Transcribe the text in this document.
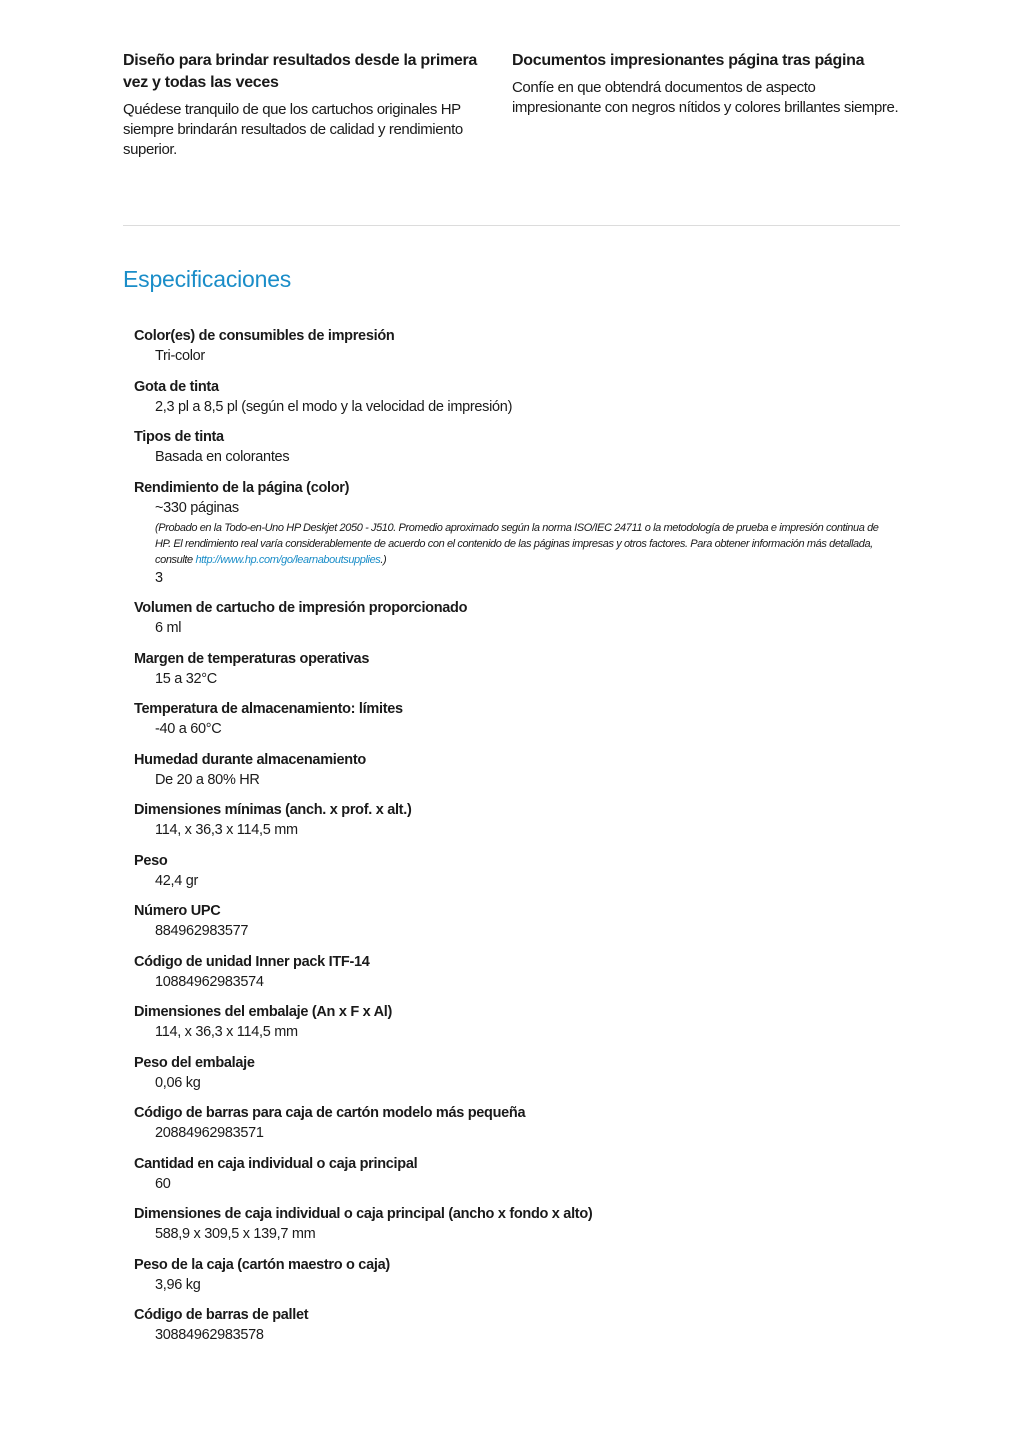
Diseño para brindar resultados desde la primera vez y todas las veces

Quédese tranquilo de que los cartuchos originales HP siempre brindarán resultados de calidad y rendimiento superior.

Documentos impresionantes página tras página

Confíe en que obtendrá documentos de aspecto impresionante con negros nítidos y colores brillantes siempre.

Especificaciones
Color(es) de consumibles de impresión
Tri-color
Gota de tinta
2,3 pl a 8,5 pl (según el modo y la velocidad de impresión)
Tipos de tinta
Basada en colorantes
Rendimiento de la página (color)
~330 páginas
(Probado en la Todo-en-Uno HP Deskjet 2050 - J510. Promedio aproximado según la norma ISO/IEC 24711 o la metodología de prueba e impresión continua de HP. El rendimiento real varía considerablemente de acuerdo con el contenido de las páginas impresas y otros factores. Para obtener información más detallada, consulte http://www.hp.com/go/learnaboutsupplies.)
3
Volumen de cartucho de impresión proporcionado
6 ml
Margen de temperaturas operativas
15 a 32°C
Temperatura de almacenamiento: límites
-40 a 60°C
Humedad durante almacenamiento
De 20 a 80% HR
Dimensiones mínimas (anch. x prof. x alt.)
114, x 36,3 x 114,5 mm
Peso
42,4 gr
Número UPC
884962983577
Código de unidad Inner pack ITF-14
10884962983574
Dimensiones del embalaje (An x F x Al)
114, x 36,3 x 114,5 mm
Peso del embalaje
0,06 kg
Código de barras para caja de cartón modelo más pequeña
20884962983571
Cantidad en caja individual o caja principal
60
Dimensiones de caja individual o caja principal (ancho x fondo x alto)
588,9 x 309,5 x 139,7 mm
Peso de la caja (cartón maestro o caja)
3,96 kg
Código de barras de pallet
30884962983578
